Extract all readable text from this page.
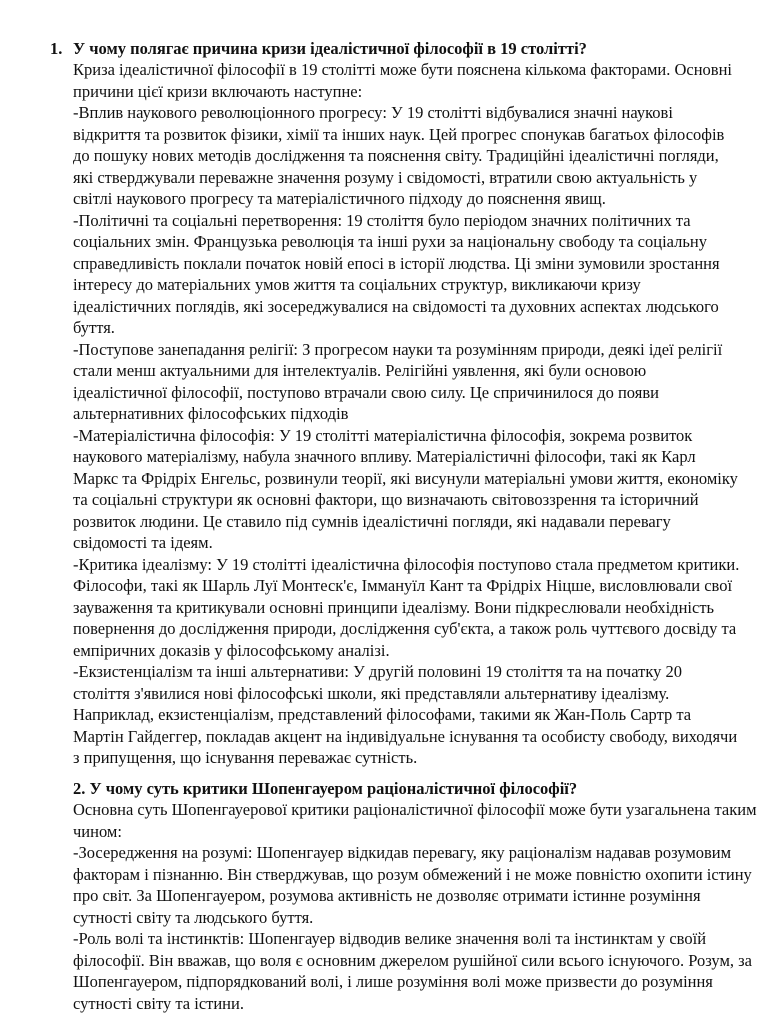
1. У чому полягає причина кризи ідеалістичної філософії в 19 столітті?

Криза ідеалістичної філософії в 19 столітті може бути пояснена кількома факторами. Основні причини цієї кризи включають наступне:

-Вплив наукового революціонного прогресу: У 19 столітті відбувалися значні наукові відкриття та розвиток фізики, хімії та інших наук. Цей прогрес спонукав багатьох філософів до пошуку нових методів дослідження та пояснення світу. Традиційні ідеалістичні погляди, які стверджували переважне значення розуму і свідомості, втратили свою актуальність у світлі наукового прогресу та матеріалістичного підходу до пояснення явищ.

-Політичні та соціальні перетворення: 19 століття було періодом значних політичних та соціальних змін. Французька революція та інші рухи за національну свободу та соціальну справедливість поклали початок новій епосі в історії людства. Ці зміни зумовили зростання інтересу до матеріальних умов життя та соціальних структур, викликаючи кризу ідеалістичних поглядів, які зосереджувалися на свідомості та духовних аспектах людського буття.

-Поступове занепадання релігії: З прогресом науки та розумінням природи, деякі ідеї релігії стали менш актуальними для інтелектуалів. Релігійні уявлення, які були основою ідеалістичної філософії, поступово втрачали свою силу. Це спричинилося до появи альтернативних філософських підходів

-Матеріалістична філософія: У 19 столітті матеріалістична філософія, зокрема розвиток наукового матеріалізму, набула значного впливу. Матеріалістичні філософи, такі як Карл Маркс та Фрідріх Енгельс, розвинули теорії, які висунули матеріальні умови життя, економіку та соціальні структури як основні фактори, що визначають світовоззрення та історичний розвиток людини. Це ставило під сумнів ідеалістичні погляди, які надавали перевагу свідомості та ідеям.

-Критика ідеалізму: У 19 столітті ідеалістична філософія поступово стала предметом критики. Філософи, такі як Шарль Луї Монтеск'є, Іммануїл Кант та Фрідріх Ніцше, висловлювали свої зауваження та критикували основні принципи ідеалізму. Вони підкреслювали необхідність повернення до дослідження природи, дослідження суб'єкта, а також роль чуттєвого досвіду та емпіричних доказів у філософському аналізі.

-Екзистенціалізм та інші альтернативи: У другій половині 19 століття та на початку 20 століття з'явилися нові філософські школи, які представляли альтернативу ідеалізму. Наприклад, екзистенціалізм, представлений філософами, такими як Жан-Поль Сартр та Мартін Гайдеггер, покладав акцент на індивідуальне існування та особисту свободу, виходячи з припущення, що існування переважає сутність.

2. У чому суть критики Шопенгауером раціоналістичної філософії?

Основна суть Шопенгауерової критики раціоналістичної філософії може бути узагальнена таким чином:

-Зосередження на розумі: Шопенгауер відкидав перевагу, яку раціоналізм надавав розумовим факторам і пізнанню. Він стверджував, що розум обмежений і не може повністю охопити істину про світ. За Шопенгауером, розумова активність не дозволяє отримати істинне розуміння сутності світу та людського буття.

-Роль волі та інстинктів: Шопенгауер відводив велике значення волі та інстинктам у своїй філософії. Він вважав, що воля є основним джерелом рушійної сили всього існуючого. Розум, за Шопенгауером, підпорядкований волі, і лише розуміння волі може призвести до розуміння сутності світу та істини.
